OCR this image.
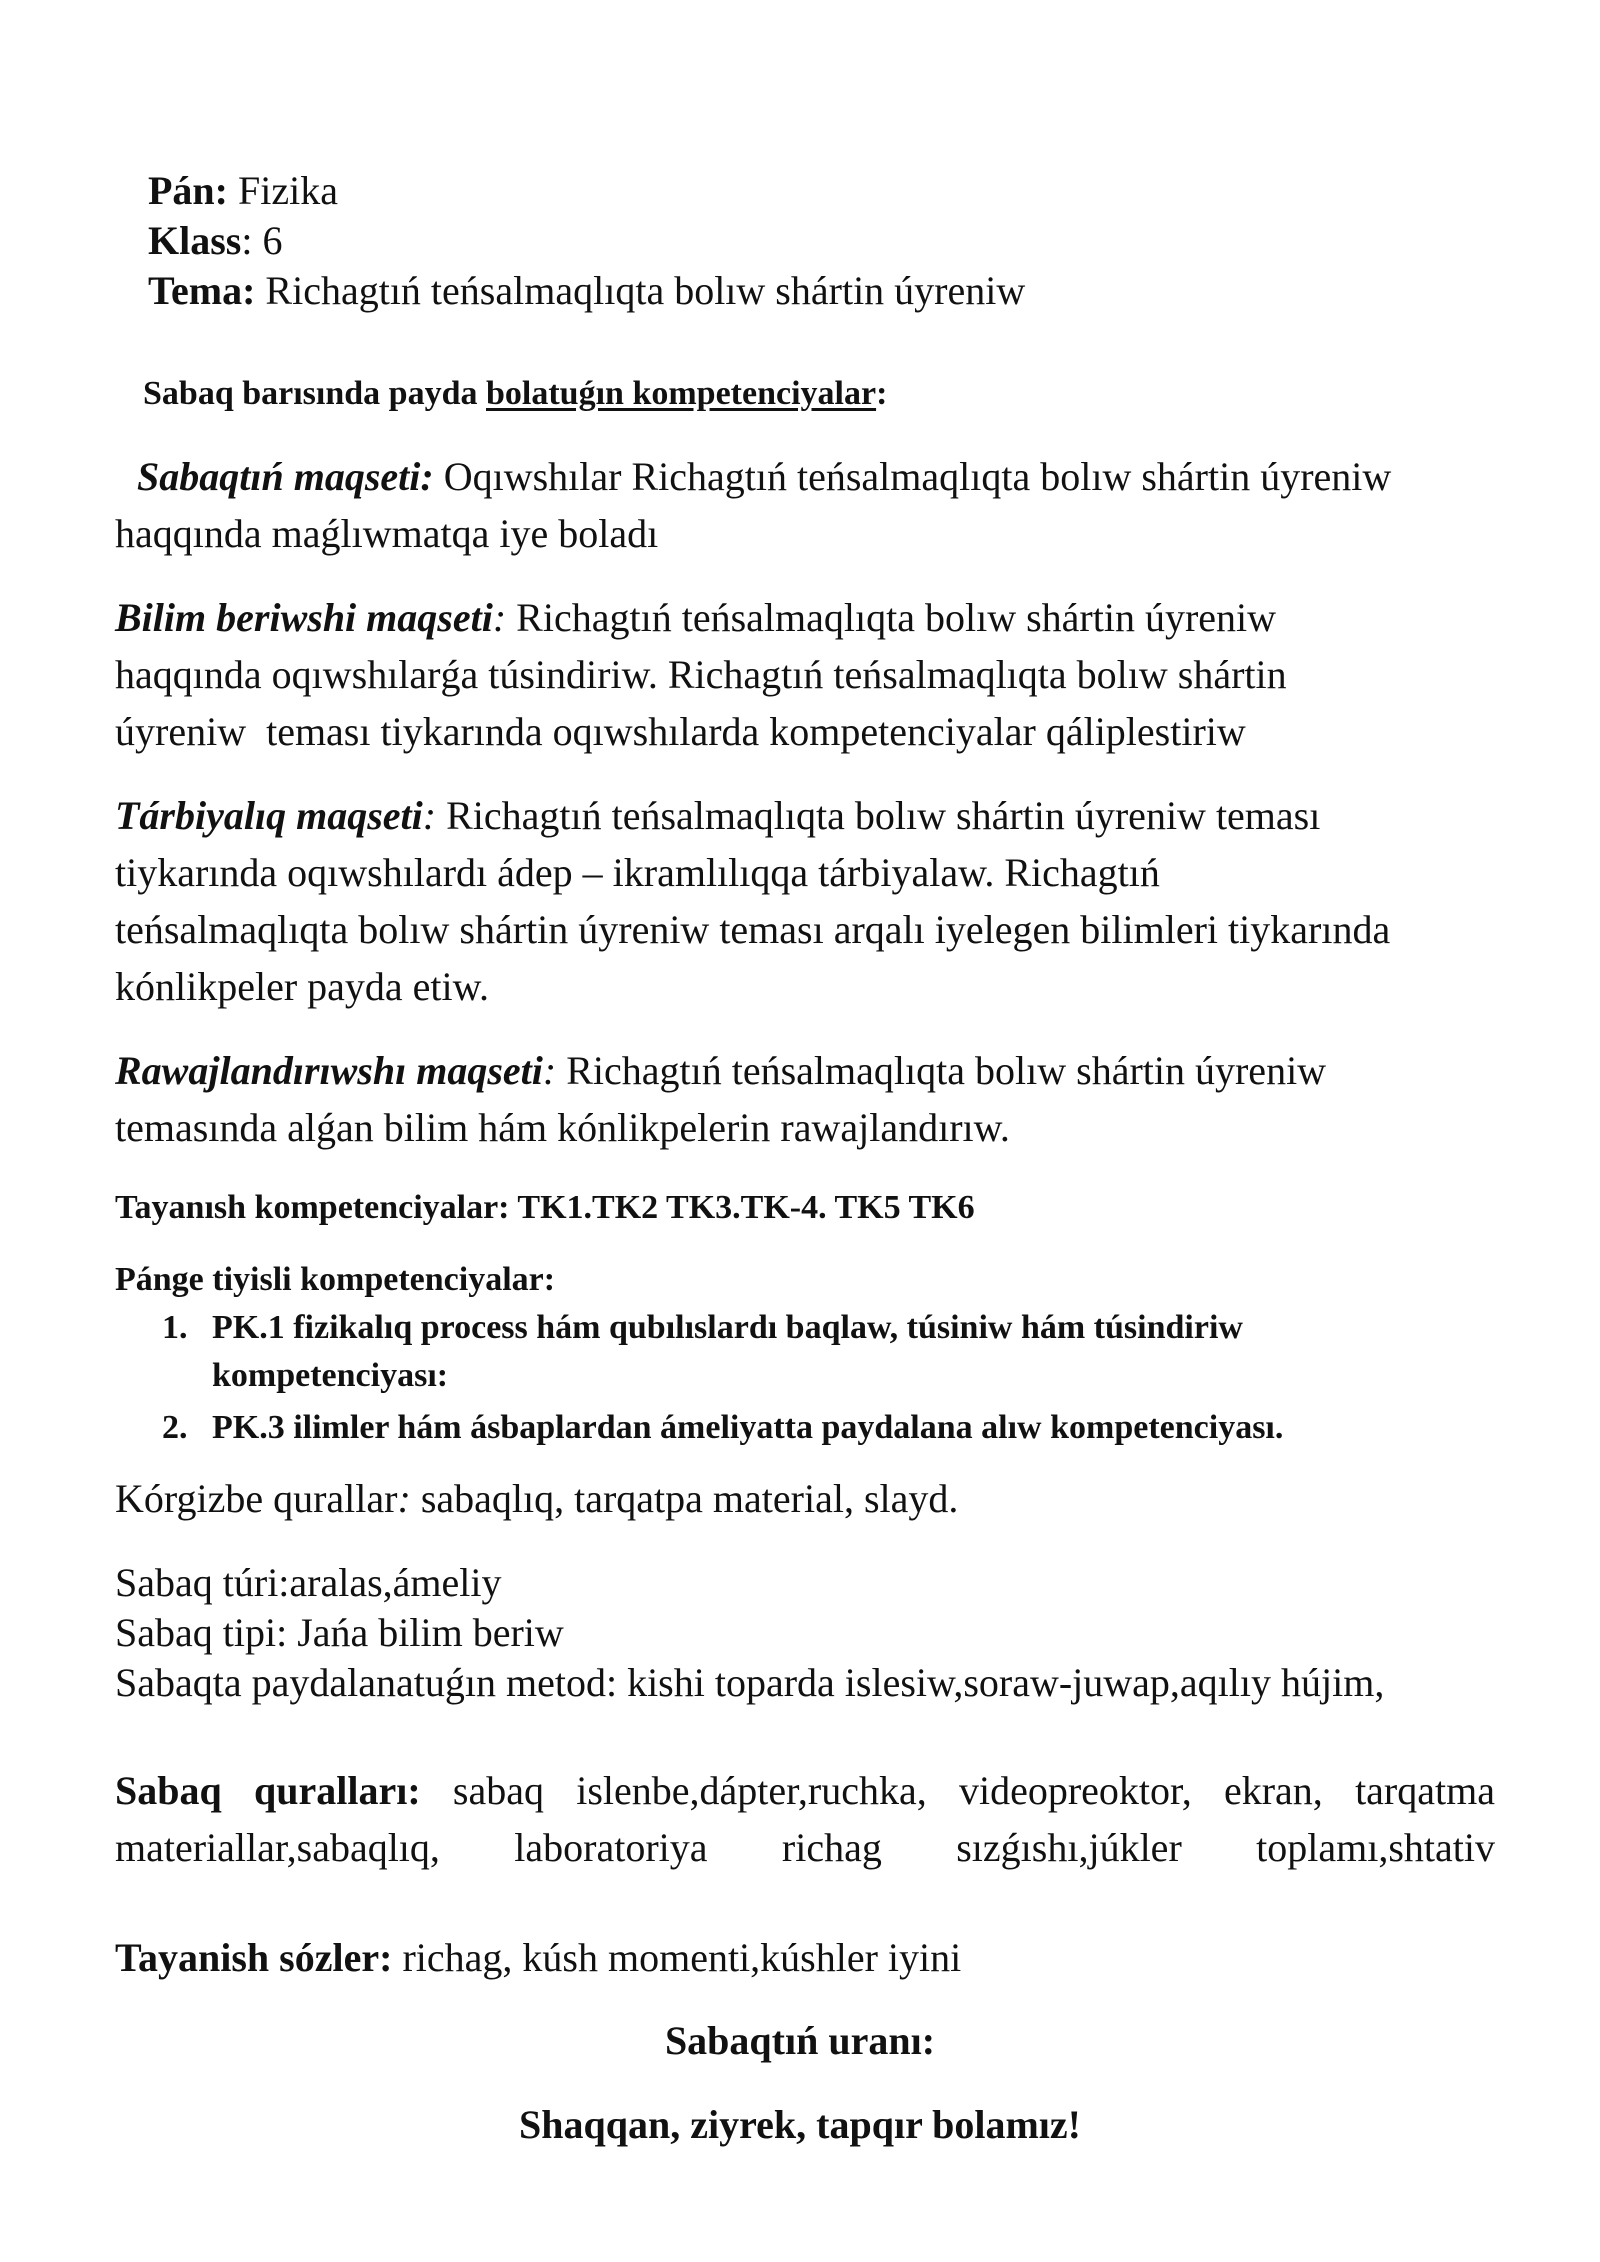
Pán: Fizika
Klass: 6
Tema: Richagtıń teńsalmaqlıqta bolıw shártin úyreniw
Sabaq barısında payda bolatuǵın kompetenciyalar:
Sabaqtıń maqseti: Oqıwshılar Richagtıń teńsalmaqlıqta bolıw shártin úyreniw
haqqında maǵlıwmatqa iye boladı
Bilim beriwshi maqseti: Richagtıń teńsalmaqlıqta bolıw shártin úyreniw
haqqında oqıwshılarǵa túsindiriw. Richagtıń teńsalmaqlıqta bolıw shártin
úyreniw  teması tiykarında oqıwshılarda kompetenciyalar qáliplestiriw
Tárbiyalıq maqseti: Richagtıń teńsalmaqlıqta bolıw shártin úyreniw teması
tiykarında oqıwshılardı ádep – ikramlılıqqa tárbiyalaw. Richagtıń
teńsalmaqlıqta bolıw shártin úyreniw teması arqalı iyelegen bilimleri tiykarında
kónlikpeler payda etiw.
Rawajlandırıwshı maqseti: Richagtıń teńsalmaqlıqta bolıw shártin úyreniw
temasında alǵan bilim hám kónlikpelerin rawajlandırıw.
Tayanısh kompetenciyalar: TK1.TK2 TK3.TK-4. TK5 TK6
Pánge tiyisli kompetenciyalar:
1. PK.1 fizikalıq process hám qubılıslardı baqlaw, túsiniw hám túsindiriw
kompetenciyası:
2. PK.3 ilimler hám ásbaplardan ámeliyatta paydalana alıw kompetenciyası.
Kórgizbe qurallar: sabaqlıq, tarqatpa material, slayd.
Sabaq túri:aralas,ámeliy
Sabaq tipi: Jańa bilim beriw
Sabaqta paydalanatuǵın metod: kishi toparda islesiw,soraw-juwap,aqılıy hújim,
Sabaq quralları: sabaq islenbe,dápter,ruchka, videopreoktor, ekran, tarqatma
materiallar,sabaqlıq, laboratoriya richag sızǵıshı,júkler toplamı,shtativ
Tayanish sózler: richag, kúsh momenti,kúshler iyini
Sabaqtıń uranı:
Shaqqan, ziyrek, tapqır bolamız!
